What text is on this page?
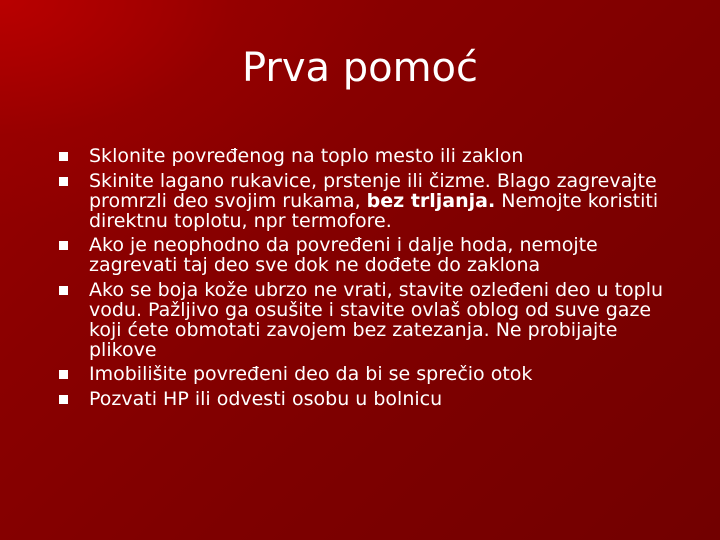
Prva pomoć
Sklonite povređenog na toplo mesto ili zaklon
Skinite lagano rukavice, prstenje ili čizme. Blago zagrevajte promrzli deo svojim rukama, bez trljanja. Nemojte koristiti direktnu toplotu, npr termofore.
Ako je neophodno da povređeni i dalje hoda, nemojte zagrevati taj deo sve dok ne dođete do zaklona
Ako se boja kože ubrzo ne vrati, stavite ozleđeni deo u toplu vodu. Pažljivo ga osušite i stavite ovlaš oblog od suve gaze koji ćete obmotati zavojem bez zatezanja. Ne probijajte plikove
Imobilišite povređeni deo da bi se sprečio otok
Pozvati HP ili odvesti osobu u bolnicu
